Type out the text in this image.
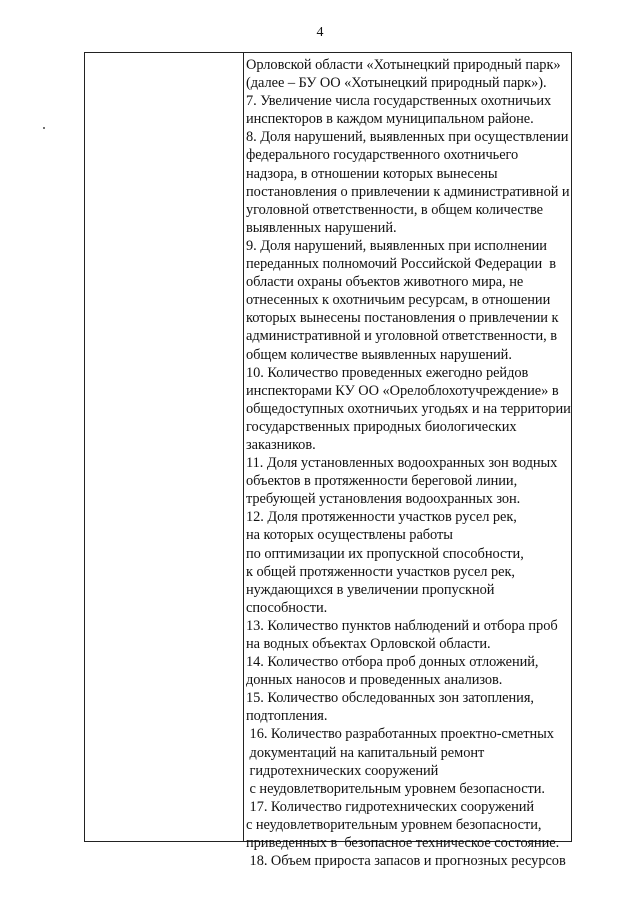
4
Орловской области «Хотынецкий природный парк»
(далее – БУ ОО «Хотынецкий природный парк»).
7. Увеличение числа государственных охотничьих
инспекторов в каждом муниципальном районе.
8. Доля нарушений, выявленных при осуществлении
федерального государственного охотничьего
надзора, в отношении которых вынесены
постановления о привлечении к административной и
уголовной ответственности, в общем количестве
выявленных нарушений.
9. Доля нарушений, выявленных при исполнении
переданных полномочий Российской Федерации  в
области охраны объектов животного мира, не
отнесенных к охотничьим ресурсам, в отношении
которых вынесены постановления о привлечении к
административной и уголовной ответственности, в
общем количестве выявленных нарушений.
10. Количество проведенных ежегодно рейдов
инспекторами КУ ОО «Орелоблохотучреждение» в
общедоступных охотничьих угодьях и на территории
государственных природных биологических
заказников.
11. Доля установленных водоохранных зон водных
объектов в протяженности береговой линии,
требующей установления водоохранных зон.
12. Доля протяженности участков русел рек,
на которых осуществлены работы
по оптимизации их пропускной способности,
к общей протяженности участков русел рек,
нуждающихся в увеличении пропускной
способности.
13. Количество пунктов наблюдений и отбора проб
на водных объектах Орловской области.
14. Количество отбора проб донных отложений,
донных наносов и проведенных анализов.
15. Количество обследованных зон затопления,
подтопления.
16. Количество разработанных проектно-сметных
документаций на капитальный ремонт
гидротехнических сооружений
с неудовлетворительным уровнем безопасности.
17. Количество гидротехнических сооружений
с неудовлетворительным уровнем безопасности,
приведенных в  безопасное техническое состояние.
18. Объем прироста запасов и прогнозных ресурсов
